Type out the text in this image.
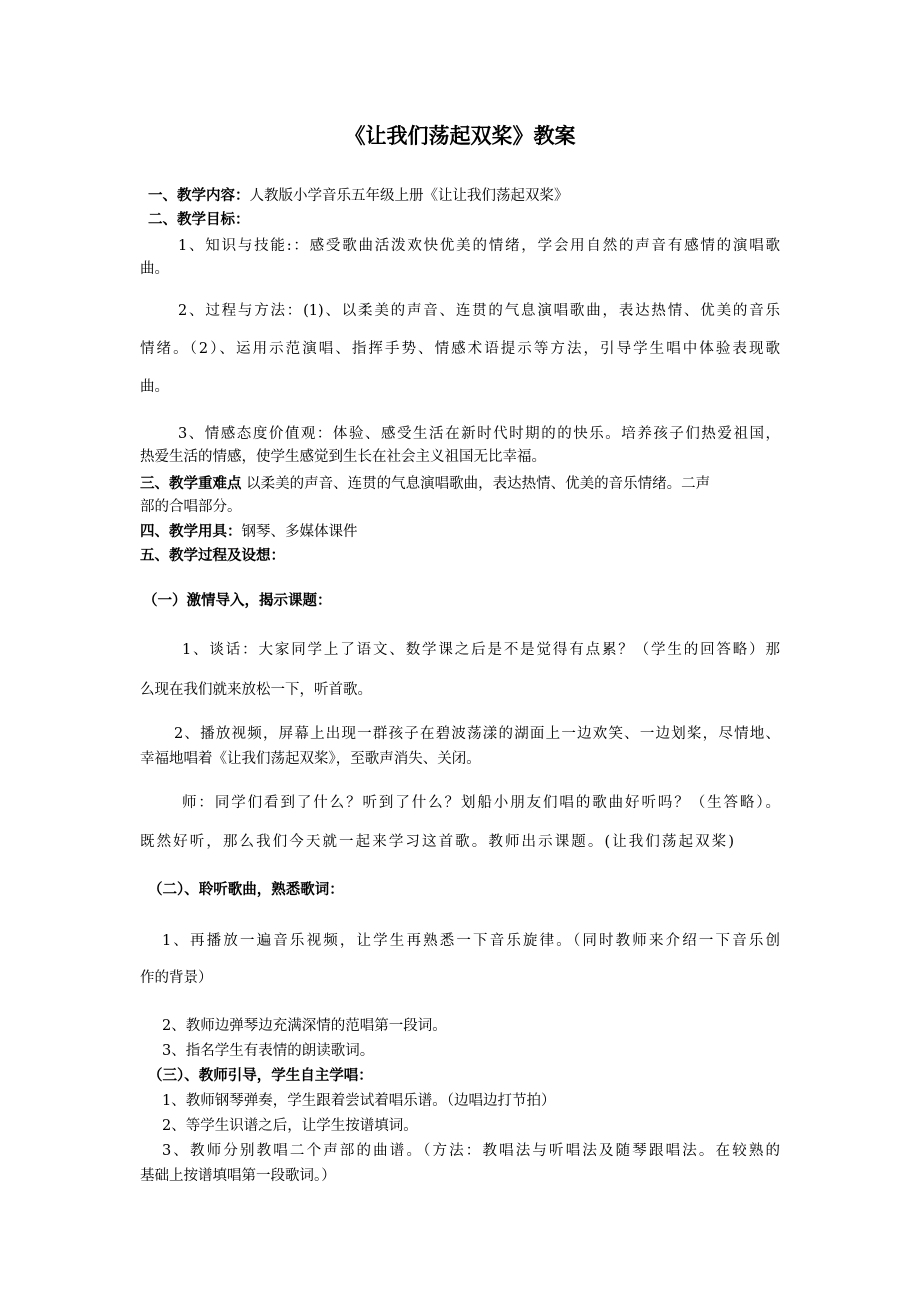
《让我们荡起双桨》教案
一、教学内容：人教版小学音乐五年级上册《让让我们荡起双桨》
二、教学目标：
1、知识与技能:：感受歌曲活泼欢快优美的情绪，学会用自然的声音有感情的演唱歌
曲。
2、过程与方法：(1)、以柔美的声音、连贯的气息演唱歌曲，表达热情、优美的音乐
情绪。（2）、运用示范演唱、指挥手势、情感术语提示等方法，引导学生唱中体验表现歌
曲。
3、情感态度价值观：体验、感受生活在新时代时期的的快乐。培养孩子们热爱祖国，
热爱生活的情感，使学生感觉到生长在社会主义祖国无比幸福。
三、教学重难点 以柔美的声音、连贯的气息演唱歌曲，表达热情、优美的音乐情绪。二声
部的合唱部分。
四、教学用具：钢琴、多媒体课件
五、教学过程及设想：
（一）激情导入，揭示课题：
1、谈话：大家同学上了语文、数学课之后是不是觉得有点累？（学生的回答略）那
么现在我们就来放松一下，听首歌。
2、播放视频，屏幕上出现一群孩子在碧波荡漾的湖面上一边欢笑、一边划桨，尽情地、
幸福地唱着《让我们荡起双桨》，至歌声消失、关闭。
师：同学们看到了什么？听到了什么？划船小朋友们唱的歌曲好听吗？（生答略）。
既然好听，那么我们今天就一起来学习这首歌。教师出示课题。(让我们荡起双桨)
（二）、聆听歌曲，熟悉歌词：
1、再播放一遍音乐视频，让学生再熟悉一下音乐旋律。（同时教师来介绍一下音乐创
作的背景）
2、教师边弹琴边充满深情的范唱第一段词。
3、指名学生有表情的朗读歌词。
（三）、教师引导，学生自主学唱：
1、教师钢琴弹奏，学生跟着尝试着唱乐谱。（边唱边打节拍）
2、等学生识谱之后，让学生按谱填词。
3、教师分别教唱二个声部的曲谱。（方法：教唱法与听唱法及随琴跟唱法。在较熟的
基础上按谱填唱第一段歌词。）
